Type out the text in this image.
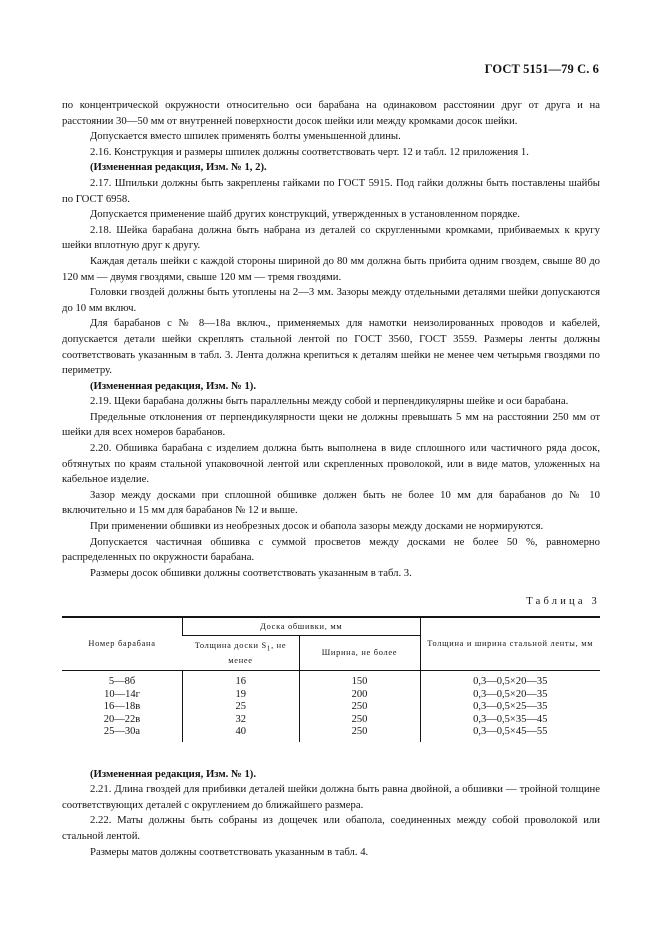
ГОСТ 5151—79 С. 6

по концентрической окружности относительно оси барабана на одинаковом расстоянии друг от друга и на расстоянии 30—50 мм от внутренней поверхности досок шейки или между кромками досок шейки.

Допускается вместо шпилек применять болты уменьшенной длины.

2.16. Конструкция и размеры шпилек должны соответствовать черт. 12 и табл. 12 приложения 1.

(Измененная редакция, Изм. № 1, 2).

2.17. Шпильки должны быть закреплены гайками по ГОСТ 5915. Под гайки должны быть поставлены шайбы по ГОСТ 6958.

Допускается применение шайб других конструкций, утвержденных в установленном порядке.

2.18. Шейка барабана должна быть набрана из деталей со скругленными кромками, прибиваемых к кругу шейки вплотную друг к другу.

Каждая деталь шейки с каждой стороны шириной до 80 мм должна быть прибита одним гвоздем, свыше 80 до 120 мм — двумя гвоздями, свыше 120 мм — тремя гвоздями.

Головки гвоздей должны быть утоплены на 2—3 мм. Зазоры между отдельными деталями шейки допускаются до 10 мм включ.

Для барабанов с № 8—18а включ., применяемых для намотки неизолированных проводов и кабелей, допускается детали шейки скреплять стальной лентой по ГОСТ 3560, ГОСТ 3559. Размеры ленты должны соответствовать указанным в табл. 3. Лента должна крепиться к деталям шейки не менее чем четырьмя гвоздями по периметру.

(Измененная редакция, Изм. № 1).

2.19. Щеки барабана должны быть параллельны между собой и перпендикулярны шейке и оси барабана.

Предельные отклонения от перпендикулярности щеки не должны превышать 5 мм на расстоянии 250 мм от шейки для всех номеров барабанов.

2.20. Обшивка барабана с изделием должна быть выполнена в виде сплошного или частичного ряда досок, обтянутых по краям стальной упаковочной лентой или скрепленных проволокой, или в виде матов, уложенных на кабельное изделие.

Зазор между досками при сплошной обшивке должен быть не более 10 мм для барабанов до № 10 включительно и 15 мм для барабанов № 12 и выше.

При применении обшивки из необрезных досок и обапола зазоры между досками не нормируются.

Допускается частичная обшивка с суммой просветов между досками не более 50 %, равномерно распределенных по окружности барабана.

Размеры досок обшивки должны соответствовать указанным в табл. 3.

Таблица 3
Номер барабана	Доска обшивки, мм		Толщина и ширина стальной ленты, мм
	Толщина доски $S_1$, не менее	Ширина, не более	
5—8б	16	150	0,3—0,5×20—35
10—14г	19	200	0,3—0,5×20—35
16—18в	25	250	0,3—0,5×25—35
20—22в	32	250	0,3—0,5×35—45
25—30а	40	250	0,3—0,5×45—55

(Измененная редакция, Изм. № 1).

2.21. Длина гвоздей для прибивки деталей шейки должна быть равна двойной, а обшивки — тройной толщине соответствующих деталей с округлением до ближайшего размера.

2.22. Маты должны быть собраны из дощечек или обапола, соединенных между собой проволокой или стальной лентой.

Размеры матов должны соответствовать указанным в табл. 4.
